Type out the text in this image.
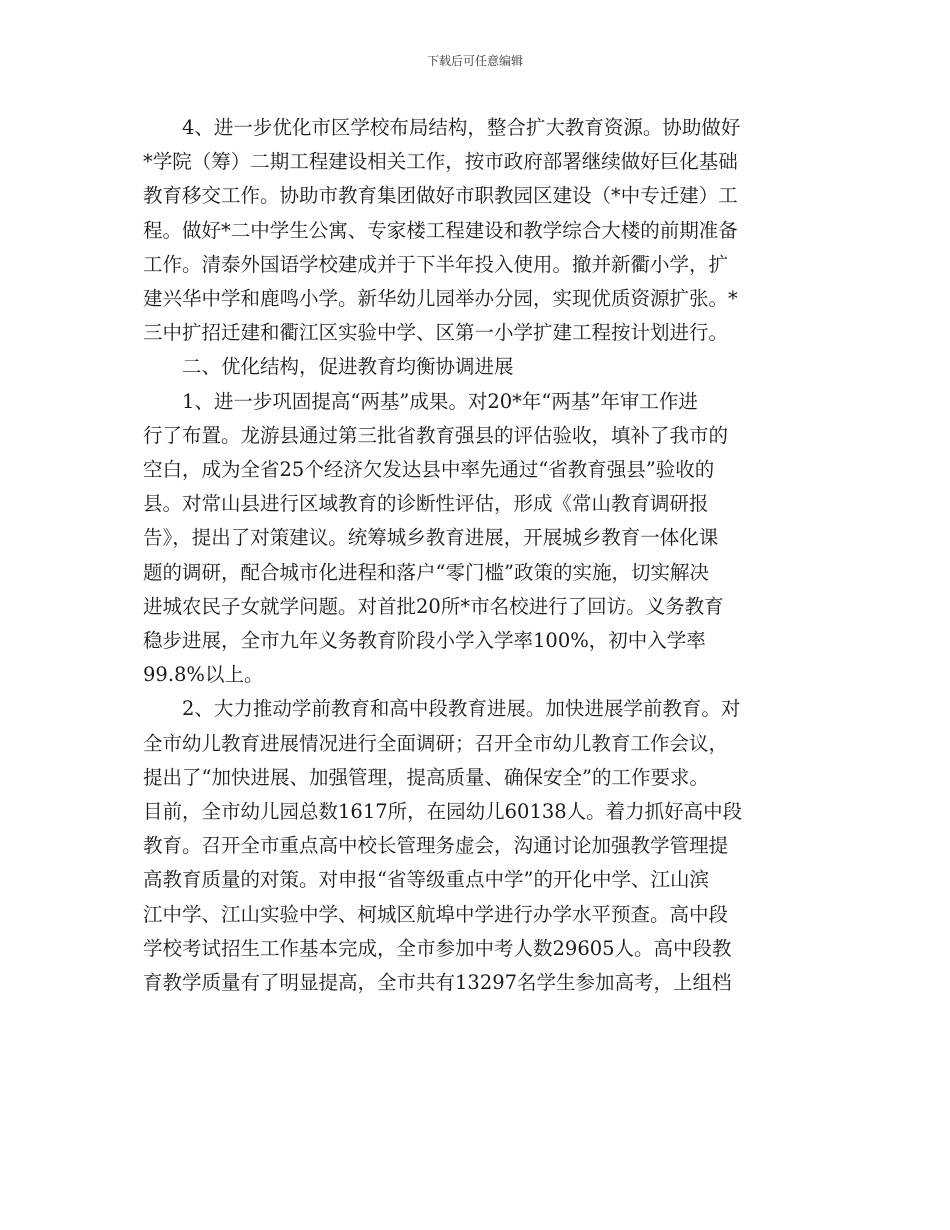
下载后可任意编辑

4、进一步优化市区学校布局结构，整合扩大教育资源。协助做好
*学院（筹）二期工程建设相关工作，按市政府部署继续做好巨化基础
教育移交工作。协助市教育集团做好市职教园区建设（*中专迁建）工
程。做好*二中学生公寓、专家楼工程建设和教学综合大楼的前期准备
工作。清泰外国语学校建成并于下半年投入使用。撤并新衢小学，扩
建兴华中学和鹿鸣小学。新华幼儿园举办分园，实现优质资源扩张。*
三中扩招迁建和衢江区实验中学、区第一小学扩建工程按计划进行。

二、优化结构，促进教育均衡协调进展

1、进一步巩固提高“两基”成果。对20*年“两基”年审工作进
行了布置。龙游县通过第三批省教育强县的评估验收，填补了我市的
空白，成为全省25个经济欠发达县中率先通过“省教育强县”验收的
县。对常山县进行区域教育的诊断性评估，形成《常山教育调研报
告》，提出了对策建议。统筹城乡教育进展，开展城乡教育一体化课
题的调研，配合城市化进程和落户“零门槛”政策的实施，切实解决
进城农民子女就学问题。对首批20所*市名校进行了回访。义务教育
稳步进展，全市九年义务教育阶段小学入学率100%，初中入学率
99.8%以上。

2、大力推动学前教育和高中段教育进展。加快进展学前教育。对
全市幼儿教育进展情况进行全面调研；召开全市幼儿教育工作会议，
提出了“加快进展、加强管理，提高质量、确保安全”的工作要求。
目前，全市幼儿园总数1617所，在园幼儿60138人。着力抓好高中段
教育。召开全市重点高中校长管理务虚会，沟通讨论加强教学管理提
高教育质量的对策。对申报“省等级重点中学”的开化中学、江山滨
江中学、江山实验中学、柯城区航埠中学进行办学水平预查。高中段
学校考试招生工作基本完成，全市参加中考人数29605人。高中段教
育教学质量有了明显提高，全市共有13297名学生参加高考，上组档
